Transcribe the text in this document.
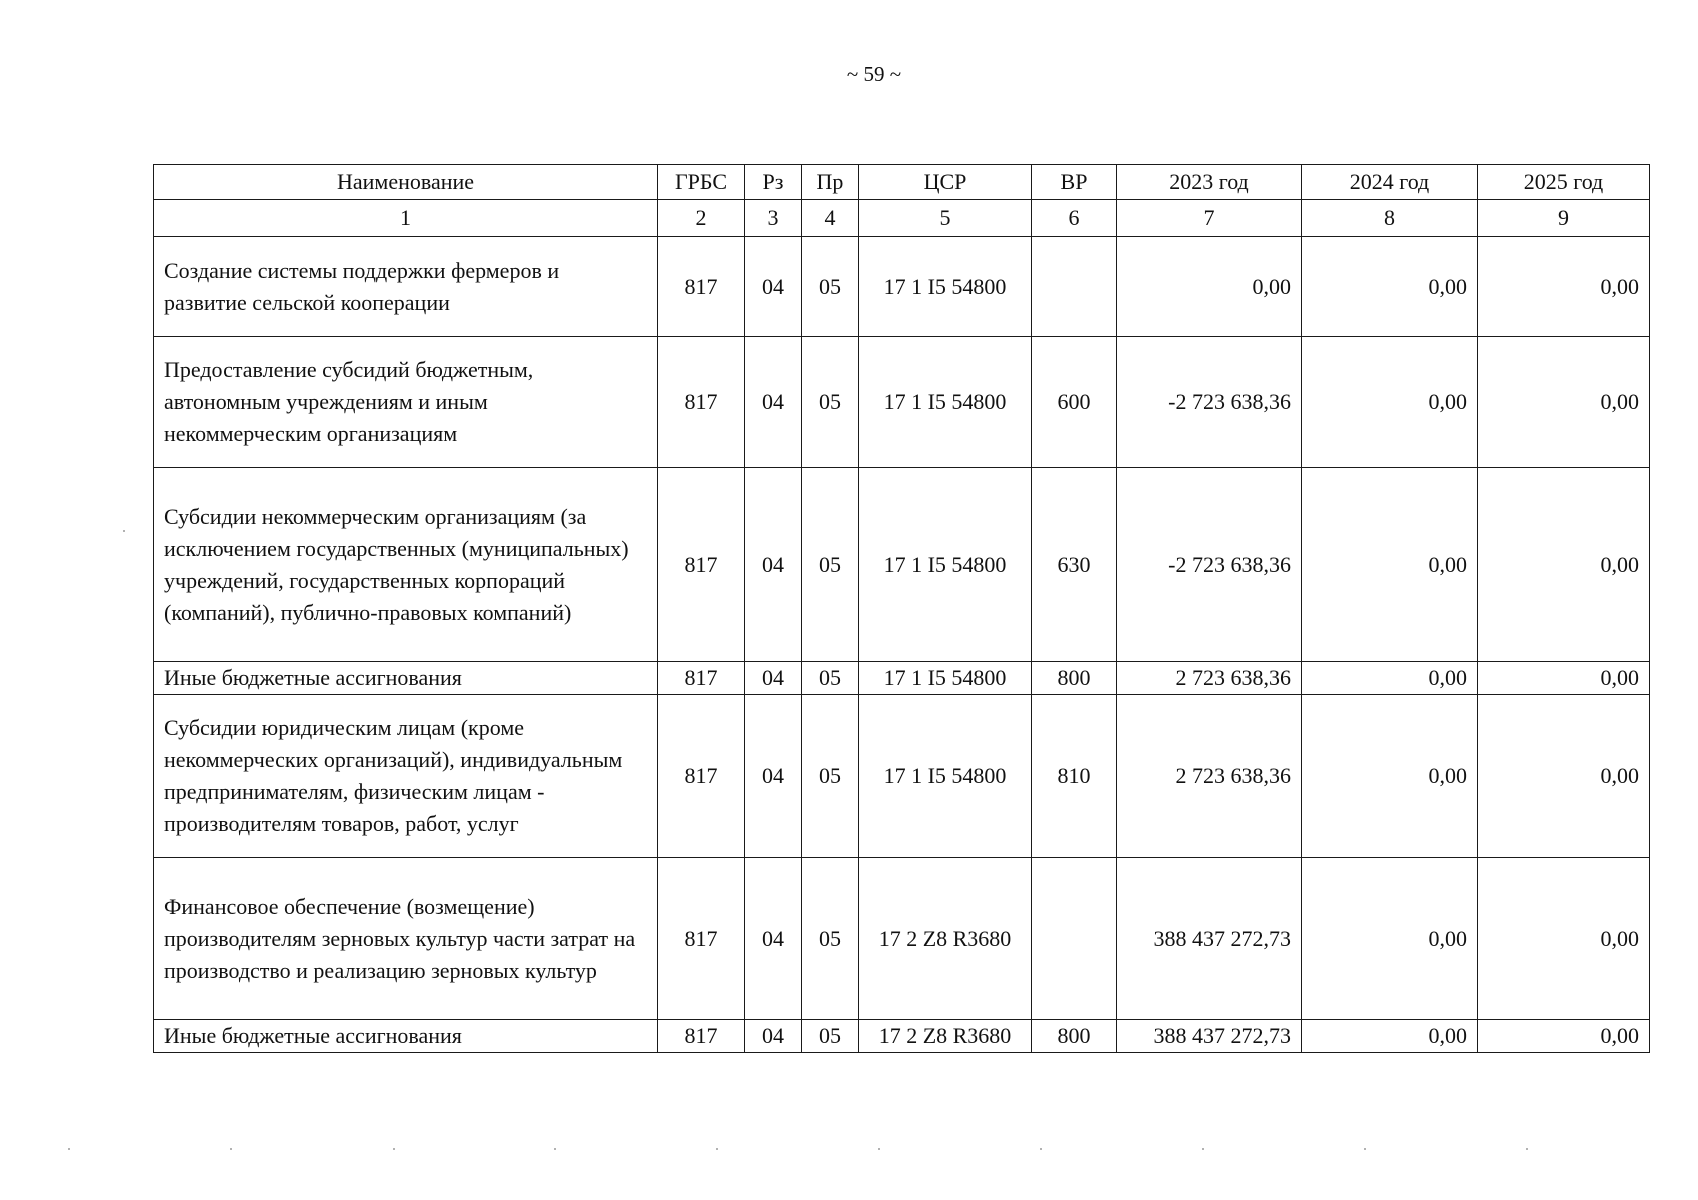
~ 59 ~
Наименование	ГРБС	Рз	Пр	ЦСР	ВР	2023 год	2024 год	2025 год
1	2	3	4	5	6	7	8	9
Создание системы поддержки фермеров и развитие сельской кооперации	817	04	05	17 1 I5 54800		0,00	0,00	0,00
Предоставление субсидий бюджетным, автономным учреждениям и иным некоммерческим организациям	817	04	05	17 1 I5 54800	600	-2 723 638,36	0,00	0,00
Субсидии некоммерческим организациям (за исключением государственных (муниципальных) учреждений, государственных корпораций (компаний), публично-правовых компаний)	817	04	05	17 1 I5 54800	630	-2 723 638,36	0,00	0,00
Иные бюджетные ассигнования	817	04	05	17 1 I5 54800	800	2 723 638,36	0,00	0,00
Субсидии юридическим лицам (кроме некоммерческих организаций), индивидуальным предпринимателям, физическим лицам - производителям товаров, работ, услуг	817	04	05	17 1 I5 54800	810	2 723 638,36	0,00	0,00
Финансовое обеспечение (возмещение) производителям зерновых культур части затрат на производство и реализацию зерновых культур	817	04	05	17 2 Z8 R3680		388 437 272,73	0,00	0,00
Иные бюджетные ассигнования	817	04	05	17 2 Z8 R3680	800	388 437 272,73	0,00	0,00
